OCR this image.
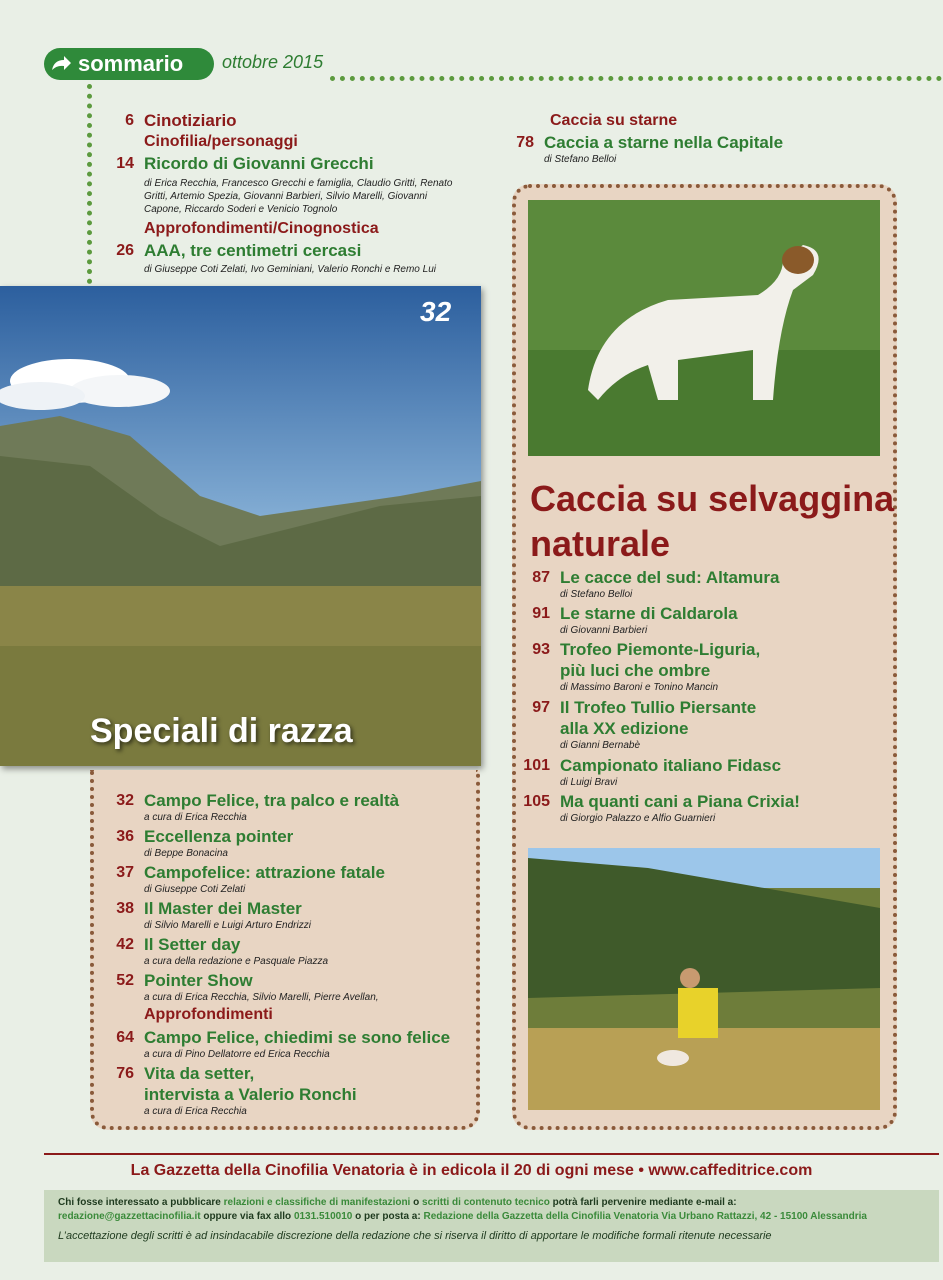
sommario	ottobre 2015
6 Cinotiziario
Cinofilia/personaggi
14 Ricordo di Giovanni Grecchi
di Erica Recchia, Francesco Grecchi e famiglia, Claudio Gritti, Renato Gritti, Artemio Spezia, Giovanni Barbieri, Silvio Marelli, Giovanni Capone, Riccardo Soderi e Venicio Tognolo
Approfondimenti/Cinognostica
26 AAA, tre centimetri cercasi
di Giuseppe Coti Zelati, Ivo Geminiani, Valerio Ronchi e Remo Lui
32
Speciali di razza
32 Campo Felice, tra palco e realtà
a cura di Erica Recchia
36 Eccellenza pointer
di Beppe Bonacina
37 Campofelice: attrazione fatale
di Giuseppe Coti Zelati
38 Il Master dei Master
di Silvio Marelli e Luigi Arturo Endrizzi
42 Il Setter day
a cura della redazione e Pasquale Piazza
52 Pointer Show
a cura di Erica Recchia, Silvio Marelli, Pierre Avellan,
Approfondimenti
64 Campo Felice, chiedimi se sono felice
a cura di Pino Dellatorre ed Erica Recchia
76 Vita da setter,
intervista a Valerio Ronchi
a cura di Erica Recchia
Caccia su starne
78 Caccia a starne nella Capitale
di Stefano Belloi
Caccia su selvaggina
naturale
87 Le cacce del sud: Altamura
di Stefano Belloi
91 Le starne di Caldarola
di Giovanni Barbieri
93 Trofeo Piemonte-Liguria,
più luci che ombre
di Massimo Baroni e Tonino Mancin
97 Il Trofeo Tullio Piersante
alla XX edizione
di Gianni Bernabè
101 Campionato italiano Fidasc
di Luigi Bravi
105 Ma quanti cani a Piana Crixia!
di Giorgio Palazzo e Alfio Guarnieri
La Gazzetta della Cinofilia Venatoria è in edicola il 20 di ogni mese • www.caffeditrice.com
Chi fosse interessato a pubblicare relazioni e classifiche di manifestazioni o scritti di contenuto tecnico potrà farli pervenire mediante e-mail a:
redazione@gazzettacinofilia.it oppure via fax allo 0131.510010 o per posta a: Redazione della Gazzetta della Cinofilia Venatoria Via Urbano Rattazzi, 42 - 15100 Alessandria
L’accettazione degli scritti è ad insindacabile discrezione della redazione che si riserva il diritto di apportare le modifiche formali ritenute necessarie
